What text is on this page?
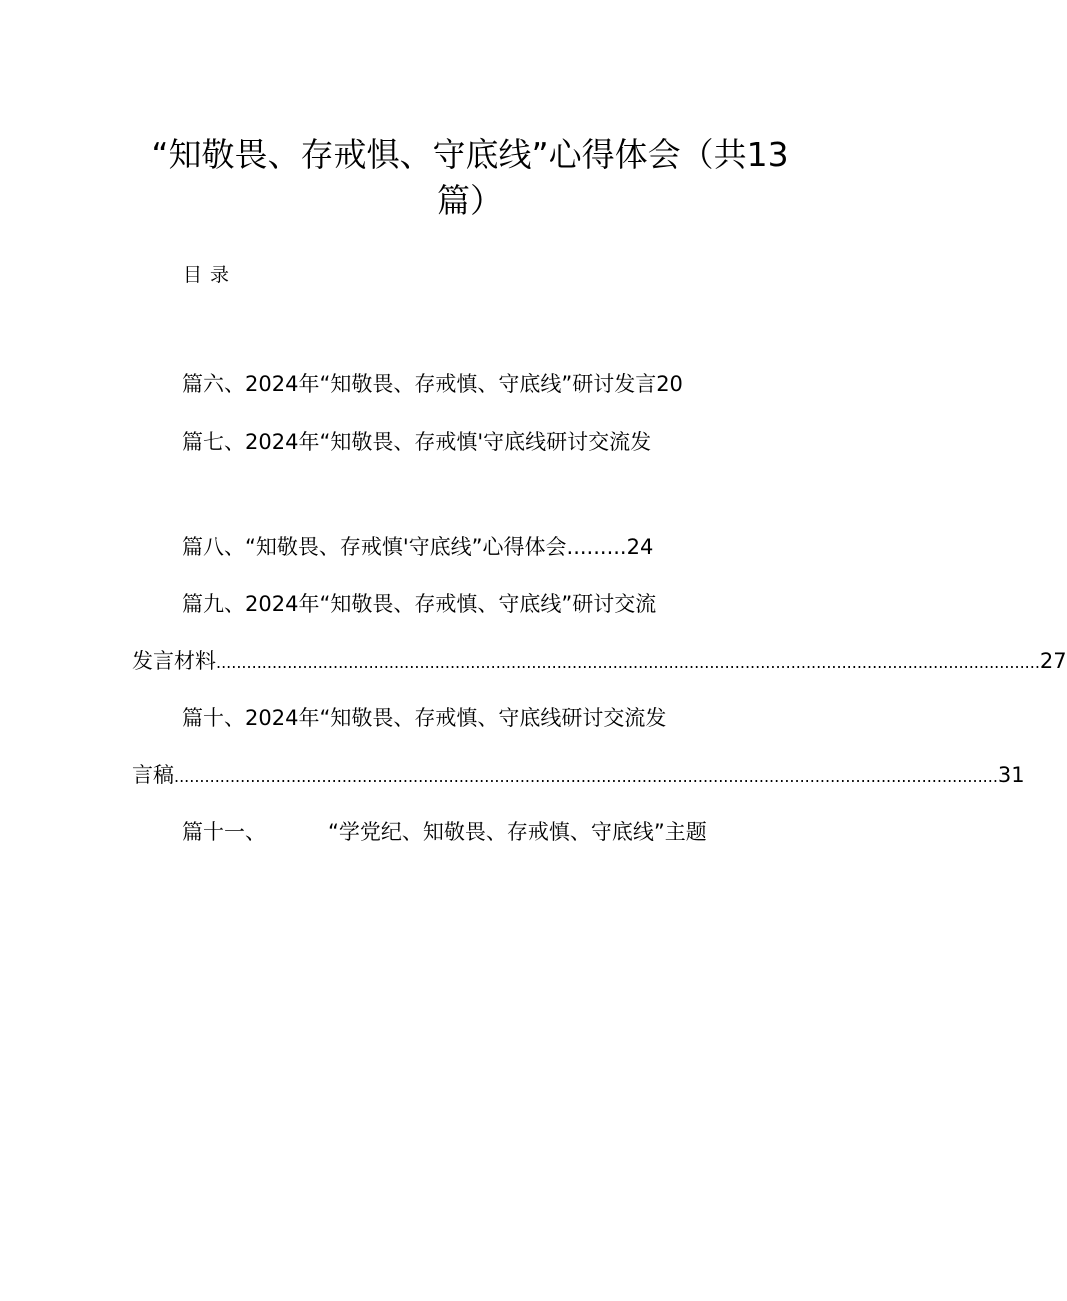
“知敬畏、存戒惧、守底线”心得体会（共13
篇）
目录
篇六、2024年“知敬畏、存戒慎、守底线”研讨发言20
篇七、2024年“知敬畏、存戒慎'守底线研讨交流发
篇八、“知敬畏、存戒慎'守底线”心得体会.........24
篇九、2024年“知敬畏、存戒慎、守底线”研讨交流
发言材料 .................................................................................................................................................................. 27
篇十、2024年“知敬畏、存戒慎、守底线研讨交流发
言稿 .................................................................................................................................................................. 31
篇十一、	“学党纪、知敬畏、存戒慎、守底线”主题
